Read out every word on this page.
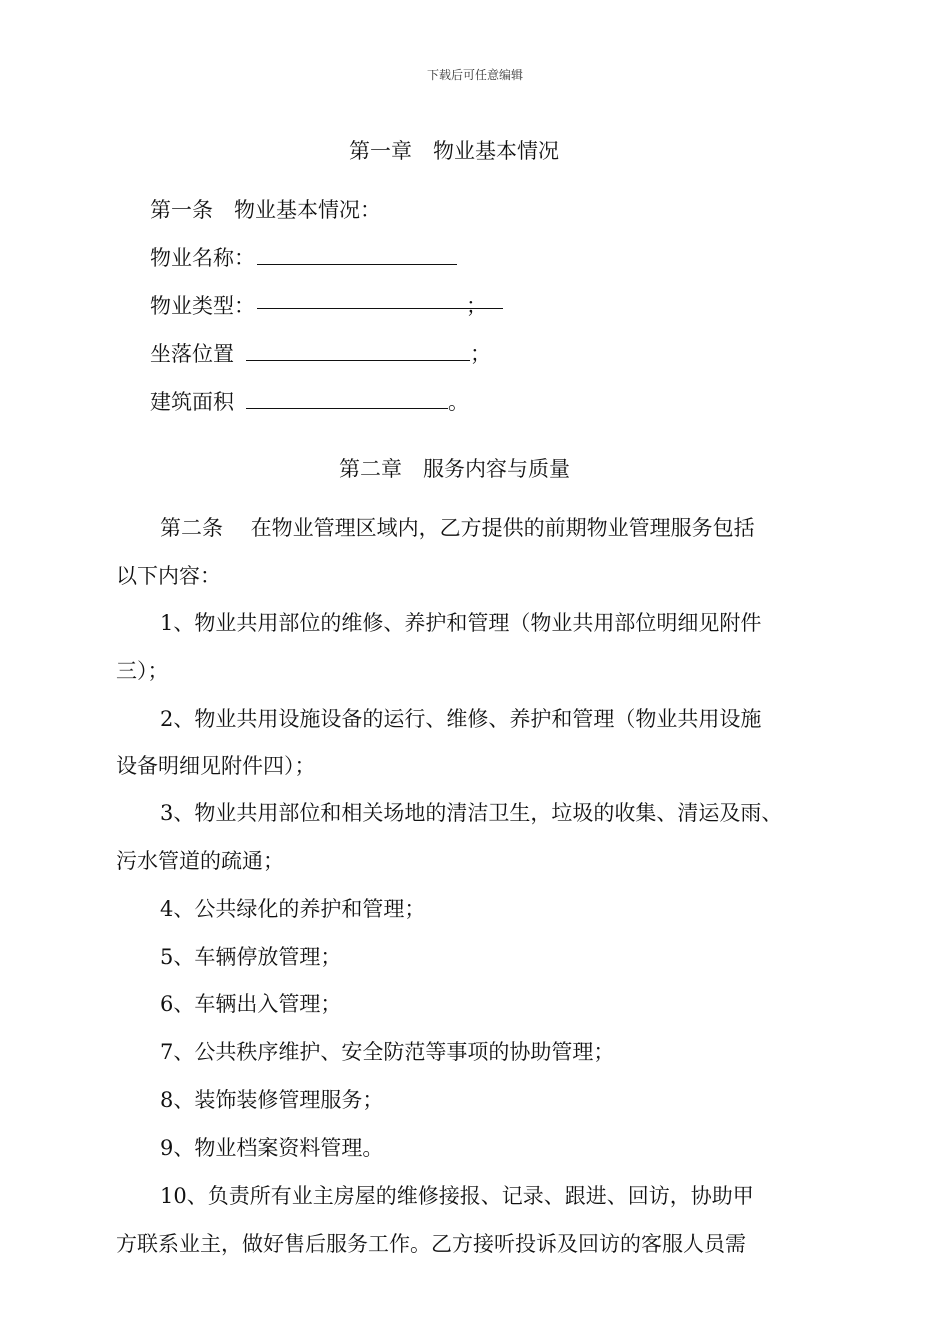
下载后可任意编辑
第一章　物业基本情况
第一条　物业基本情况：
物业名称：
物业类型：	；
坐落位置	；
建筑面积	。
第二章　服务内容与质量
第二条　 在物业管理区域内，乙方提供的前期物业管理服务包括
以下内容：
1、物业共用部位的维修、养护和管理（物业共用部位明细见附件
三）；
2、物业共用设施设备的运行、维修、养护和管理（物业共用设施
设备明细见附件四）；
3、物业共用部位和相关场地的清洁卫生，垃圾的收集、清运及雨、
污水管道的疏通；
4、公共绿化的养护和管理；
5、车辆停放管理；
6、车辆出入管理；
7、公共秩序维护、安全防范等事项的协助管理；
8、装饰装修管理服务；
9、物业档案资料管理。
10、负责所有业主房屋的维修接报、记录、跟进、回访，协助甲
方联系业主，做好售后服务工作。乙方接听投诉及回访的客服人员需
